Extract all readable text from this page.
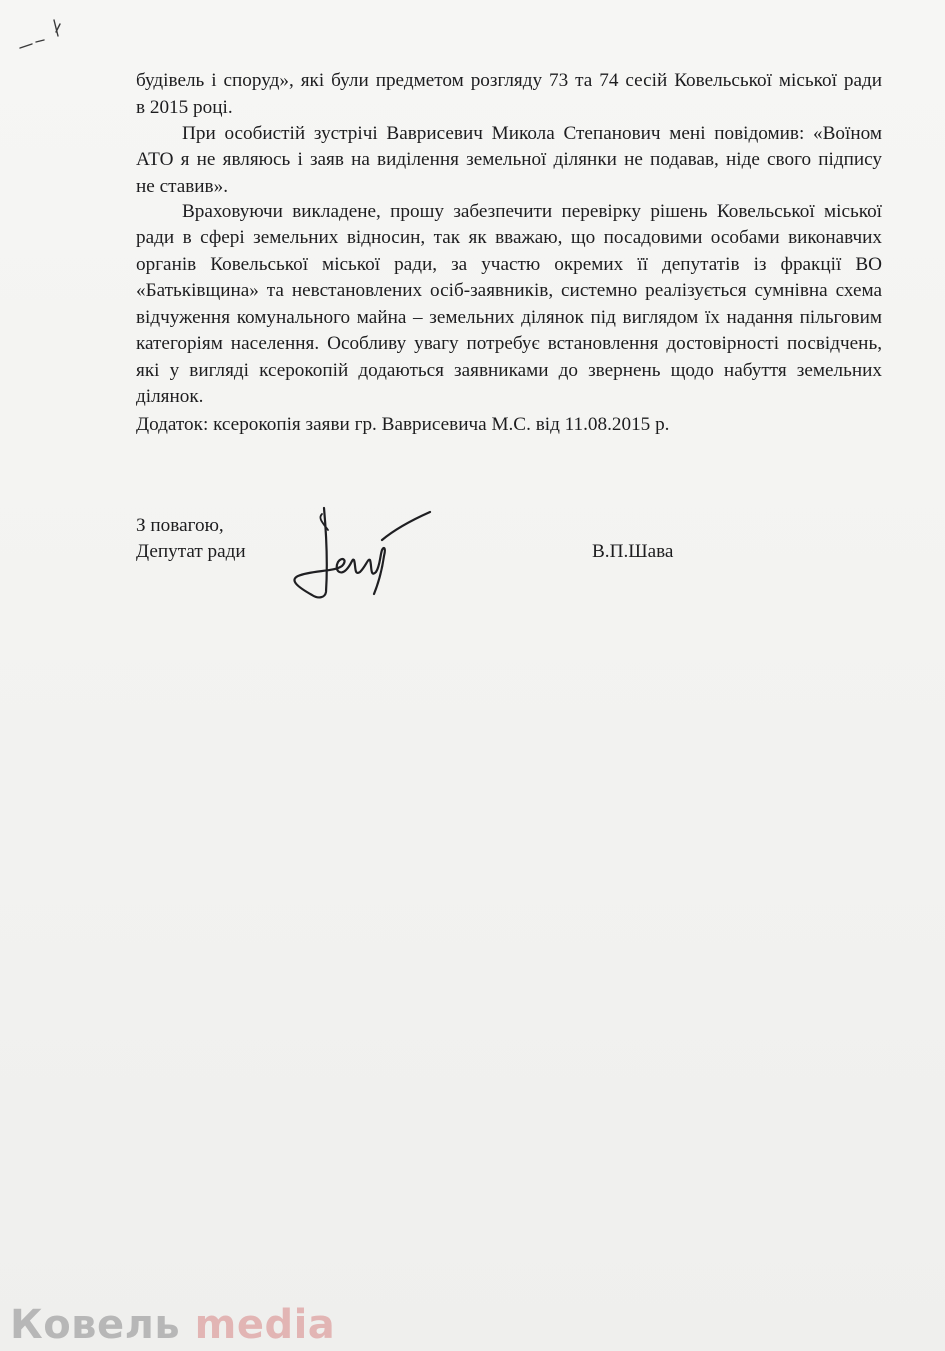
будівель і споруд», які були предметом розгляду 73 та 74 сесій Ковельської міської ради
в 2015 році.
При особистій зустрічі Вaврисевич Микола Степанович мені повідомив: «Воїном
АТО я не являюсь і заяв на виділення земельної ділянки не подавав, ніде свого підпису
не ставив».
Враховуючи викладене, прошу забезпечити перевірку рішень Ковельської міської
ради в сфері земельних відносин, так як вважаю, що посадовими особами виконавчих
органів Ковельської міської ради, за участю окремих її депутатів із фракції ВО
«Батьківщина» та невстановлених осіб-заявників, системно реалізується сумнівна схема
відчуження комунального майна – земельних ділянок під виглядом їх надання пільговим
категоріям населення. Особливу увагу потребує встановлення достовірності посвідчень,
які у вигляді ксерокопій додаються заявниками до звернень щодо набуття земельних
ділянок.
Додаток: ксерокопія заяви гр. Ваврисевича М.С. від 11.08.2015 р.
З повагою,
Депутат ради	В.П.Шава
Ковель media
